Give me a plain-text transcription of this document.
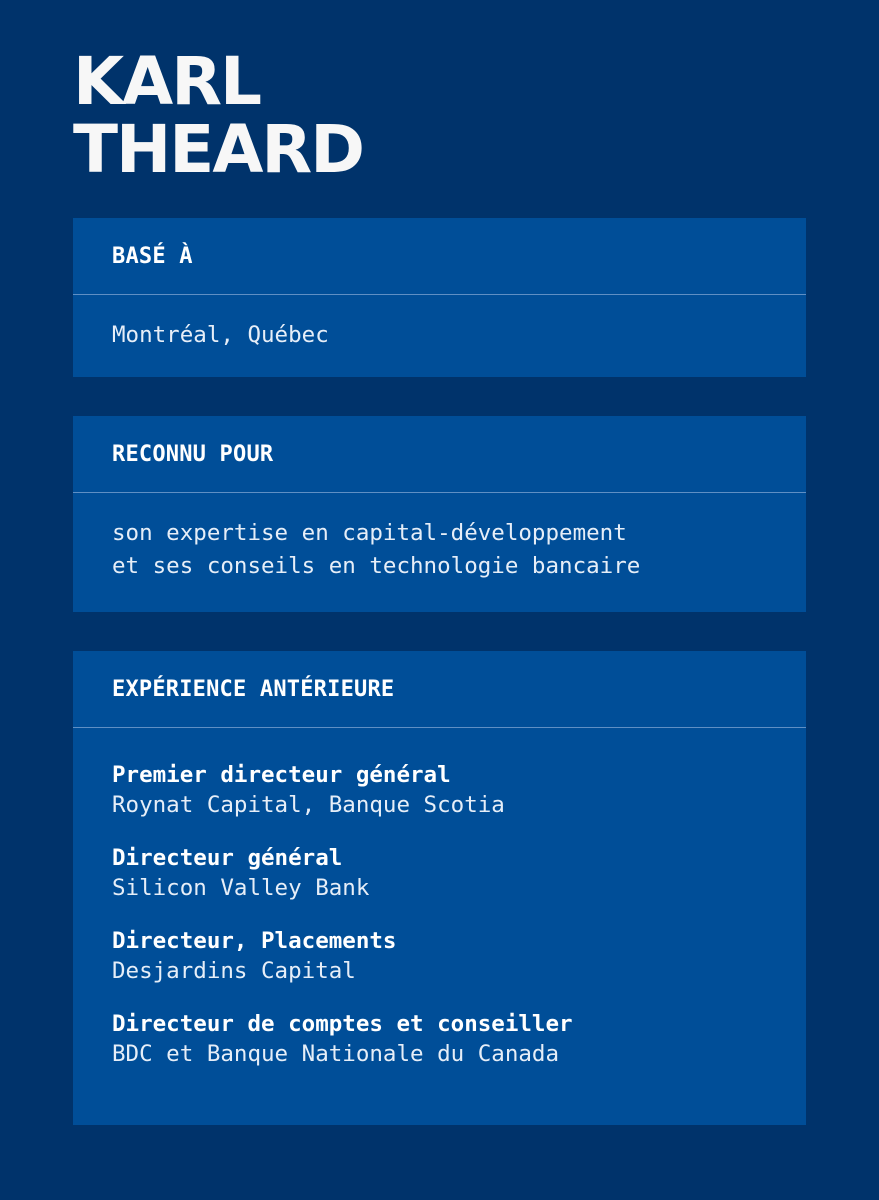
KARL
THEARD
BASÉ À
Montréal, Québec
RECONNU POUR
son expertise en capital-développement
et ses conseils en technologie bancaire
EXPÉRIENCE ANTÉRIEURE
Premier directeur général
Roynat Capital, Banque Scotia
Directeur général
Silicon Valley Bank
Directeur, Placements
Desjardins Capital
Directeur de comptes et conseiller
BDC et Banque Nationale du Canada
